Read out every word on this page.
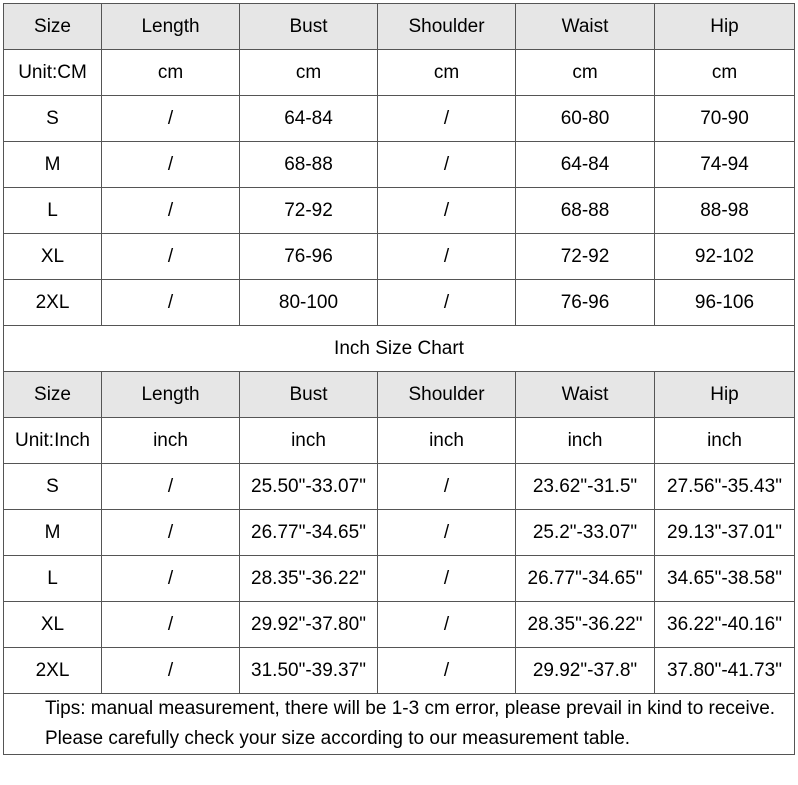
Size	Length	Bust	Shoulder	Waist	Hip
Unit:CM	cm	cm	cm	cm	cm
S	/	64-84	/	60-80	70-90
M	/	68-88	/	64-84	74-94
L	/	72-92	/	68-88	88-98
XL	/	76-96	/	72-92	92-102
2XL	/	80-100	/	76-96	96-106
Inch Size Chart					
Size	Length	Bust	Shoulder	Waist	Hip
Unit:Inch	inch	inch	inch	inch	inch
S	/	25.50"-33.07"	/	23.62"-31.5"	27.56"-35.43"
M	/	26.77"-34.65"	/	25.2"-33.07"	29.13"-37.01"
L	/	28.35"-36.22"	/	26.77"-34.65"	34.65"-38.58"
XL	/	29.92"-37.80"	/	28.35"-36.22"	36.22"-40.16"
2XL	/	31.50"-39.37"	/	29.92"-37.8"	37.80"-41.73"

Tips: manual measurement, there will be 1-3 cm error, please prevail in kind to receive.
Please carefully check your size according to our measurement table.					
